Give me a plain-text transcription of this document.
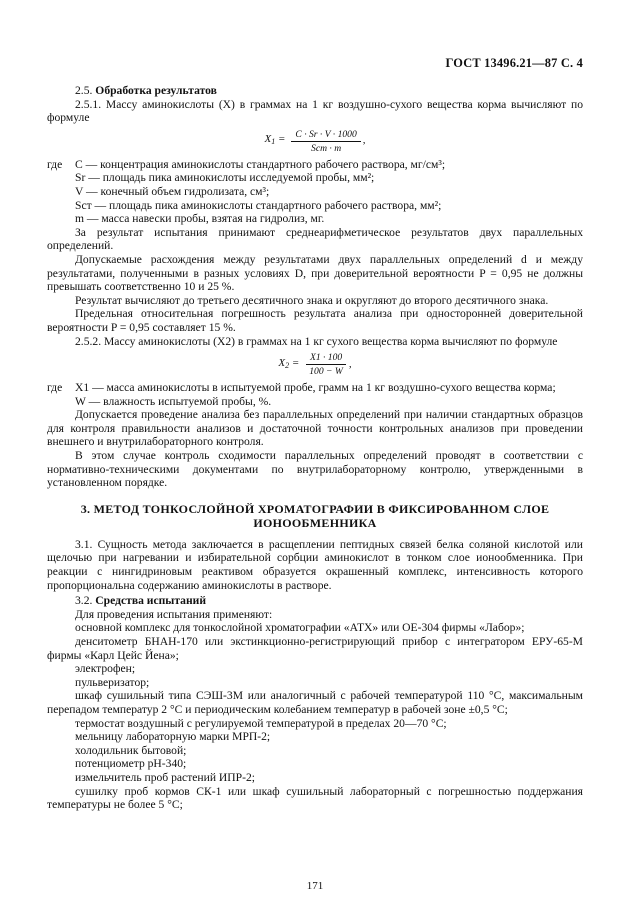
ГОСТ 13496.21—87 С. 4

2.5. Обработка результатов

2.5.1. Массу аминокислоты (X) в граммах на 1 кг воздушно-сухого вещества корма вычисляют по формуле

$X_1 = \frac{C \cdot Sr \cdot V \cdot 1000}{\text{Scт · m}}$ ,
где	C — концентрация аминокислоты стандартного рабочего раствора, мг/см³;
Sr — площадь пика аминокислоты исследуемой пробы, мм²;
V — конечный объем гидролизата, см³;
Sст — площадь пика аминокислоты стандартного рабочего раствора, мм²;
m — масса навески пробы, взятая на гидролиз, мг.

За результат испытания принимают среднеарифметическое результатов двух параллельных определений.

Допускаемые расхождения между результатами двух параллельных определений d и между результатами, полученными в разных условиях D, при доверительной вероятности P = 0,95 не должны превышать соответственно 10 и 25 %.

Результат вычисляют до третьего десятичного знака и округляют до второго десятичного знака.

Предельная относительная погрешность результата анализа при односторонней доверительной вероятности P = 0,95 составляет 15 %.

2.5.2. Массу аминокислоты (X2) в граммах на 1 кг сухого вещества корма вычисляют по формуле

$X_2 = \frac{X1 \cdot 100}{100 - W}$ ,
где	X1 — масса аминокислоты в испытуемой пробе, грамм на 1 кг воздушно-сухого вещества корма;
W — влажность испытуемой пробы, %.

Допускается проведение анализа без параллельных определений при наличии стандартных образцов для контроля правильности анализов и достаточной точности контрольных анализов при проведении внешнего и внутрилабораторного контроля.

В этом случае контроль сходимости параллельных определений проводят в соответствии с нормативно-техническими документами по внутрилабораторному контролю, утвержденными в установленном порядке.

3. МЕТОД ТОНКОСЛОЙНОЙ ХРОМАТОГРАФИИ В ФИКСИРОВАННОМ СЛОЕ ИОНООБМЕННИКА

3.1. Сущность метода заключается в расщеплении пептидных связей белка соляной кислотой или щелочью при нагревании и избирательной сорбции аминокислот в тонком слое ионообменника. При реакции с нингидриновым реактивом образуется окрашенный комплекс, интенсивность которого пропорциональна содержанию аминокислоты в растворе.

3.2. Средства испытаний

Для проведения испытания применяют:

основной комплекс для тонкослойной хроматографии «АТХ» или ОЕ-304 фирмы «Лабор»;

денситометр БНАН-170 или экстинкционно-регистрирующий прибор с интегратором ЕРУ-65-М фирмы «Карл Цейс Йена»;

электрофен;

пульверизатор;

шкаф сушильный типа СЭШ-3М или аналогичный с рабочей температурой 110 °С, максимальным перепадом температур 2 °С и периодическим колебанием температур в рабочей зоне ±0,5 °С;

термостат воздушный с регулируемой температурой в пределах 20—70 °С;

мельницу лабораторную марки МРП-2;

холодильник бытовой;

потенциометр рН-340;

измельчитель проб растений ИПР-2;

сушилку проб кормов СК-1 или шкаф сушильный лабораторный с погрешностью поддержания температуры не более 5 °С;

171
